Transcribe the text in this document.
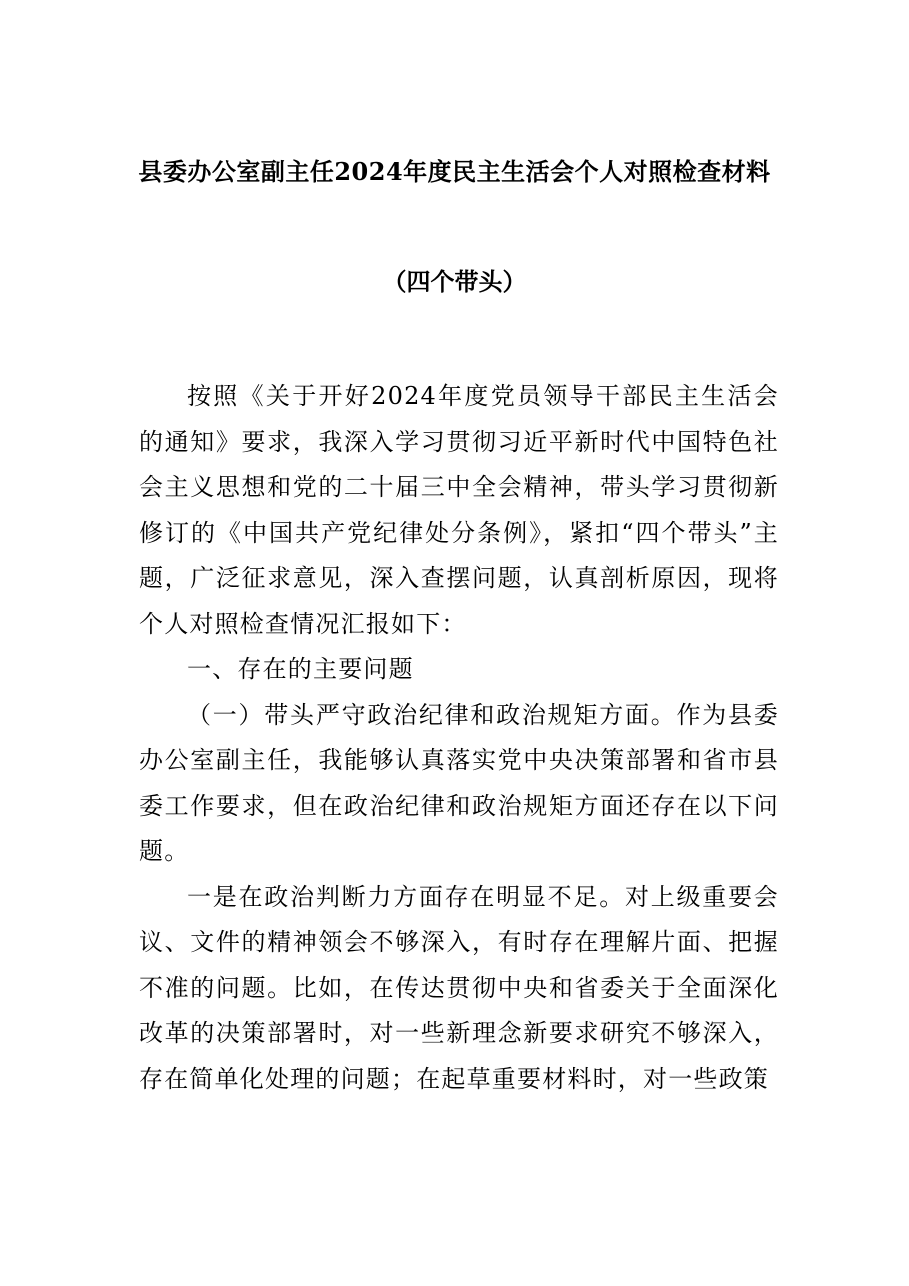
县委办公室副主任2024年度民主生活会个人对照检查材料
（四个带头）

按照《关于开好2024年度党员领导干部民主生活会的通知》要求，我深入学习贯彻习近平新时代中国特色社会主义思想和党的二十届三中全会精神，带头学习贯彻新修订的《中国共产党纪律处分条例》，紧扣“四个带头”主题，广泛征求意见，深入查摆问题，认真剖析原因，现将个人对照检查情况汇报如下：

一、存在的主要问题

（一）带头严守政治纪律和政治规矩方面。作为县委办公室副主任，我能够认真落实党中央决策部署和省市县委工作要求，但在政治纪律和政治规矩方面还存在以下问题。

一是在政治判断力方面存在明显不足。对上级重要会议、文件的精神领会不够深入，有时存在理解片面、把握不准的问题。比如，在传达贯彻中央和省委关于全面深化改革的决策部署时，对一些新理念新要求研究不够深入，存在简单化处理的问题；在起草重要材料时，对一些政策
